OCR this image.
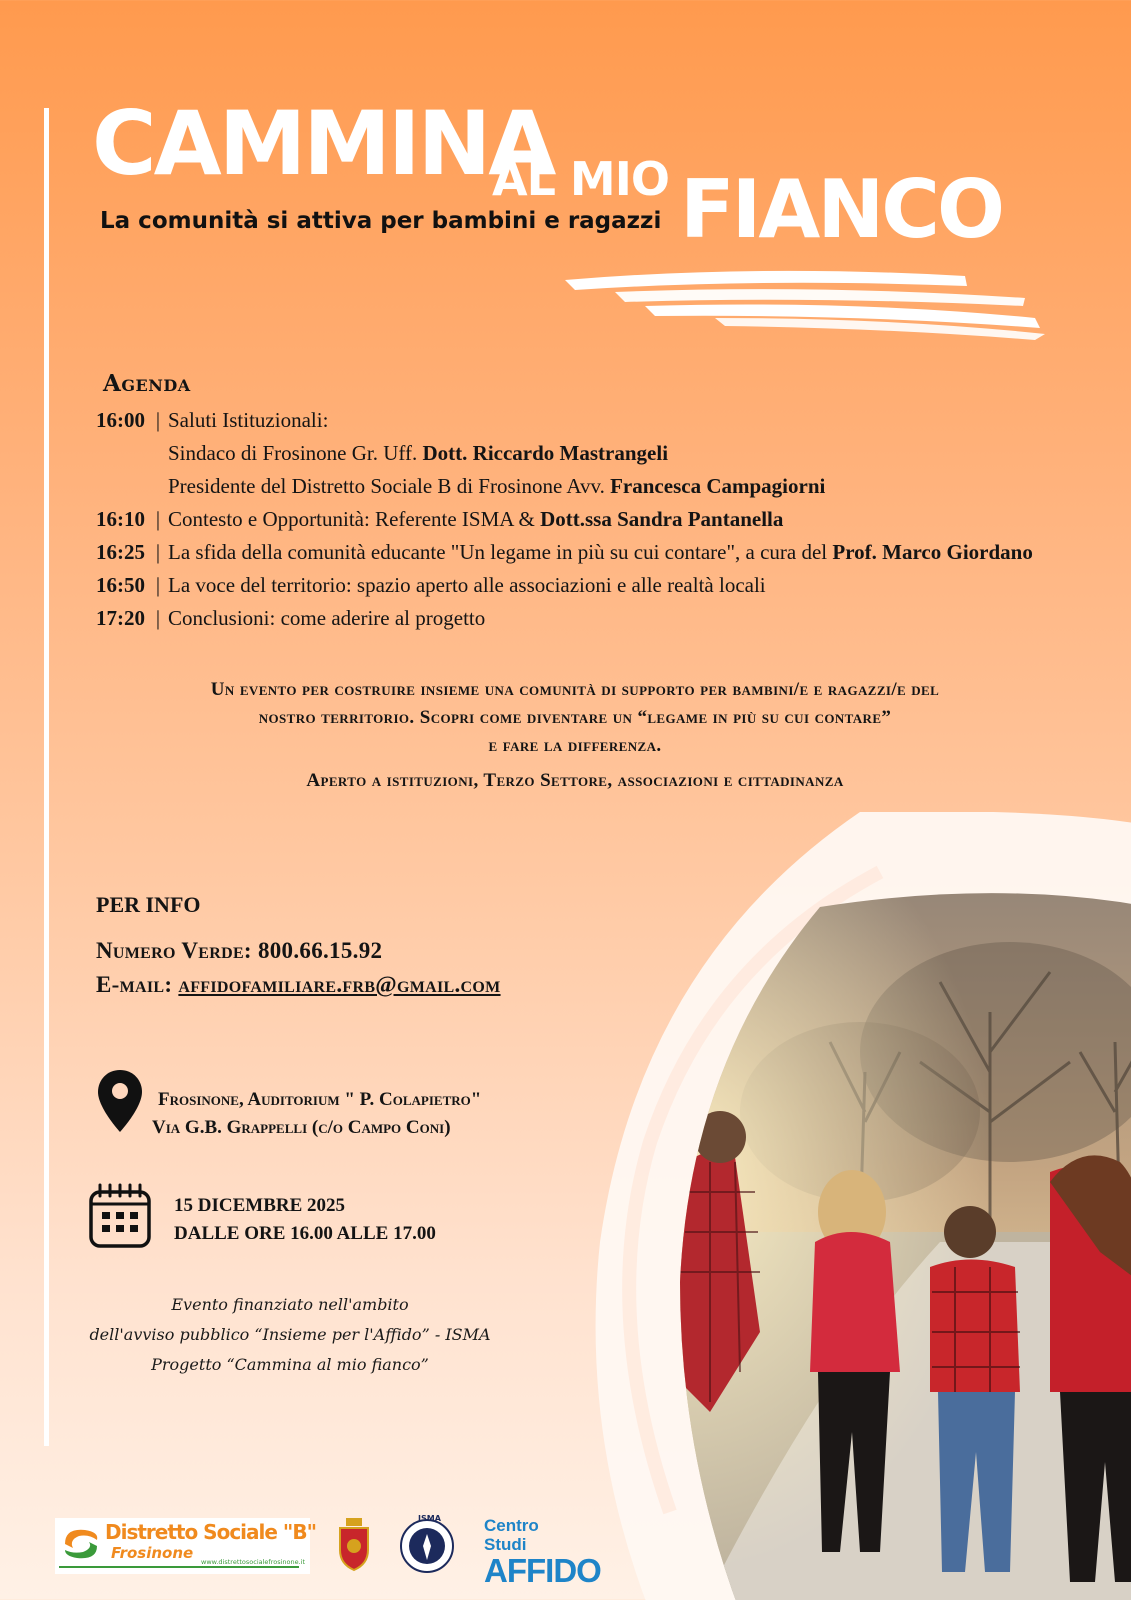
CAMMINA
AL MIO FIANCO
La comunità si attiva per bambini e ragazzi
Agenda
16:00 | Saluti Istituzionali:
Sindaco di Frosinone Gr. Uff. Dott. Riccardo Mastrangeli
Presidente del Distretto Sociale B di Frosinone Avv. Francesca Campagiorni
16:10 | Contesto e Opportunità: Referente ISMA &
Dott.ssa Sandra Pantanella
16:25 | La sfida della comunità educante "Un legame in più su cui contare", a cura del
Prof. Marco Giordano
16:50 | La voce del territorio: spazio aperto alle associazioni e alle realtà locali
17:20 | Conclusioni: come aderire al progetto
Un evento per costruire insieme una comunità di supporto per bambini/e e ragazzi/e del
nostro territorio. Scopri come diventare un “legame in più su cui contare”
e fare la differenza.
Aperto a istituzioni, Terzo Settore, associazioni e cittadinanza
PER INFO
Numero Verde: 800.66.15.92
E-mail: affidofamiliare.frb@gmail.com
Frosinone, Auditorium " P. Colapietro"
Via G.B. Grappelli (c/o Campo Coni)
15 DICEMBRE 2025
DALLE ORE 16.00 ALLE 17.00
Evento finanziato nell'ambito
dell'avviso pubblico “Insieme per l'Affido” - ISMA
Progetto “Cammina al mio fianco”
Distretto Sociale "B"
Frosinone www.distrettosocialefrosinone.it
ISMA	Centro Studi
AFFIDO
